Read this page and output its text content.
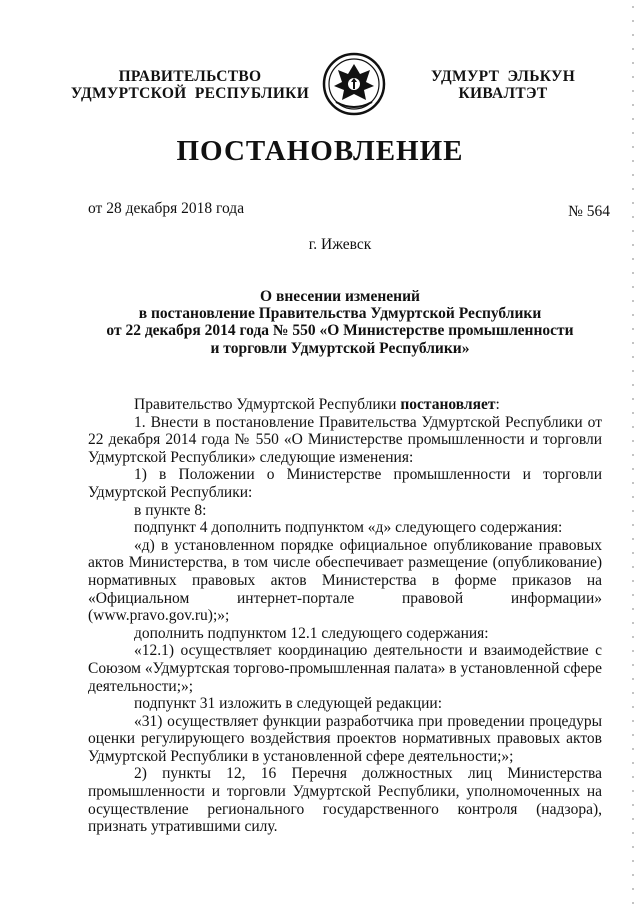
ПРАВИТЕЛЬСТВО
УДМУРТСКОЙ  РЕСПУБЛИКИ
УДМУРТ  ЭЛЬКУН
КИВАЛТЭТ
ПОСТАНОВЛЕНИЕ
от 28 декабря 2018 года	№ 564
г. Ижевск
О внесении изменений
в постановление Правительства Удмуртской Республики
от 22 декабря 2014 года № 550 «О Министерстве промышленности
и торговли Удмуртской Республики»

Правительство Удмуртской Республики постановляет:

1. Внести в постановление Правительства Удмуртской Республики от 22 декабря 2014 года № 550 «О Министерстве промышленности и торговли Удмуртской Республики» следующие изменения:

1) в Положении о Министерстве промышленности и торговли Удмуртской Республики:

в пункте 8:

подпункт 4 дополнить подпунктом «д» следующего содержания:

«д) в установленном порядке официальное опубликование правовых актов Министерства, в том числе обеспечивает размещение (опубликование) нормативных правовых актов Министерства в форме приказов на «Официальном интернет-портале правовой информации» (www.pravo.gov.ru);»;

дополнить подпунктом 12.1 следующего содержания:

«12.1) осуществляет координацию деятельности и взаимодействие с Союзом «Удмуртская торгово-промышленная палата» в установленной сфере деятельности;»;

подпункт 31 изложить в следующей редакции:

«31) осуществляет функции разработчика при проведении процедуры оценки регулирующего воздействия проектов нормативных правовых актов Удмуртской Республики в установленной сфере деятельности;»;

2) пункты 12, 16 Перечня должностных лиц Министерства промышленности и торговли Удмуртской Республики, уполномоченных на осуществление регионального государственного контроля (надзора), признать утратившими силу.
